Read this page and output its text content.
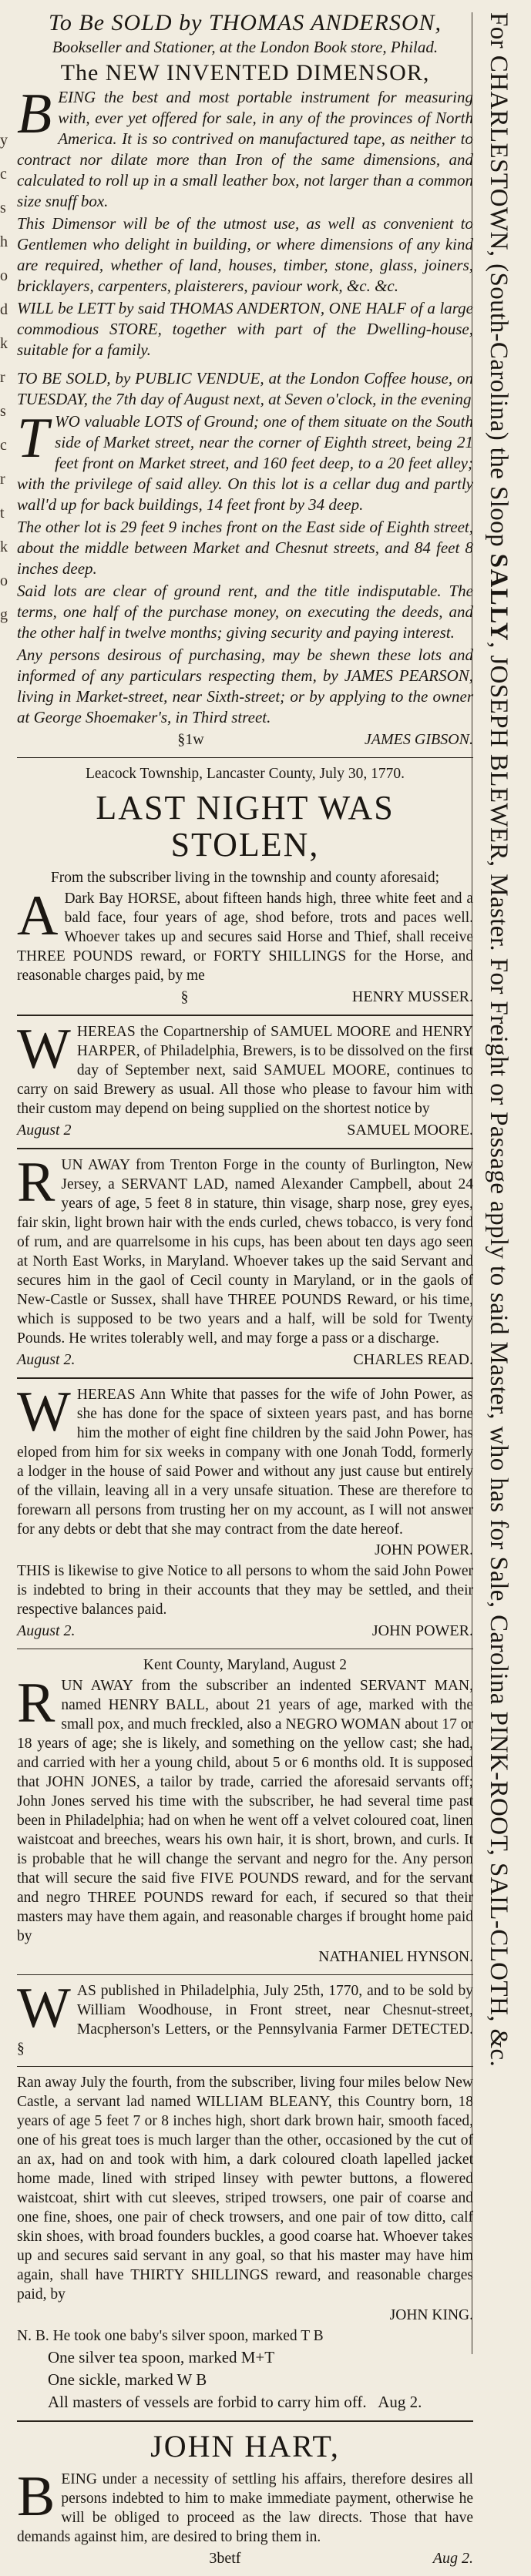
y
c
s
h
o
d
k
r
s
c
r
t
k
o
g

To Be SOLD by THOMAS ANDERSON,

Bookseller and Stationer, at the London Book store, Philad.

The NEW INVENTED DIMENSOR,

BEING the best and most portable instrument for measuring with, ever yet offered for sale, in any of the provinces of North America. It is so contrived on manufactured tape, as neither to contract nor dilate more than Iron of the same dimensions, and calculated to roll up in a small leather box, not larger than a common size snuff box.

This Dimensor will be of the utmost use, as well as convenient to Gentlemen who delight in building, or where dimensions of any kind are required, whether of land, houses, timber, stone, glass, joiners, bricklayers, carpenters, plaisterers, paviour work, &c. &c.

WILL be LETT by said THOMAS ANDERTON, ONE HALF of a large commodious STORE, together with part of the Dwelling-house, suitable for a family.

TO BE SOLD, by PUBLIC VENDUE, at the London Coffee house, on TUESDAY, the 7th day of August next, at Seven o'clock, in the evening

TWO valuable LOTS of Ground; one of them situate on the South side of Market street, near the corner of Eighth street, being 21 feet front on Market street, and 160 feet deep, to a 20 feet alley; with the privilege of said alley. On this lot is a cellar dug and partly wall'd up for back buildings, 14 feet front by 34 deep.

The other lot is 29 feet 9 inches front on the East side of Eighth street, about the middle between Market and Chesnut streets, and 84 feet 8 inches deep.

Said lots are clear of ground rent, and the title indisputable. The terms, one half of the purchase money, on executing the deeds, and the other half in twelve months; giving security and paying interest.

Any persons desirous of purchasing, may be shewn these lots and informed of any particulars respecting them, by JAMES PEARSON, living in Market-street, near Sixth-street; or by applying to the owner at George Shoemaker's, in Third street.

§1w	JAMES GIBSON.

Leacock Township, Lancaster County, July 30, 1770.

LAST NIGHT WAS STOLEN,

From the subscriber living in the township and county aforesaid;

A Dark Bay HORSE, about fifteen hands high, three white feet and a bald face, four years of age, shod before, trots and paces well. Whoever takes up and secures said Horse and Thief, shall receive THREE POUNDS reward, or FORTY SHILLINGS for the Horse, and reasonable charges paid, by me

§	HENRY MUSSER.

WHEREAS the Copartnership of SAMUEL MOORE and HENRY HARPER, of Philadelphia, Brewers, is to be dissolved on the first day of September next, said SAMUEL MOORE, continues to carry on said Brewery as usual. All those who please to favour him with their custom may depend on being supplied on the shortest notice by

August 2	SAMUEL MOORE.

RUN AWAY from Trenton Forge in the county of Burlington, New Jersey, a SERVANT LAD, named Alexander Campbell, about 24 years of age, 5 feet 8 in stature, thin visage, sharp nose, grey eyes, fair skin, light brown hair with the ends curled, chews tobacco, is very fond of rum, and are quarrelsome in his cups, has been about ten days ago seen at North East Works, in Maryland. Whoever takes up the said Servant and secures him in the gaol of Cecil county in Maryland, or in the gaols of New-Castle or Sussex, shall have THREE POUNDS Reward, or his time, which is supposed to be two years and a half, will be sold for Twenty Pounds. He writes tolerably well, and may forge a pass or a discharge.

August 2.	CHARLES READ.

WHEREAS Ann White that passes for the wife of John Power, as she has done for the space of sixteen years past, and has borne him the mother of eight fine children by the said John Power, has eloped from him for six weeks in company with one Jonah Todd, formerly a lodger in the house of said Power and without any just cause but entirely of the villain, leaving all in a very unsafe situation. These are therefore to forewarn all persons from trusting her on my account, as I will not answer for any debts or debt that she may contract from the date hereof.

JOHN POWER.

THIS is likewise to give Notice to all persons to whom the said John Power is indebted to bring in their accounts that they may be settled, and their respective balances paid.

August 2.	JOHN POWER.

Kent County, Maryland, August 2

RUN AWAY from the subscriber an indented SERVANT MAN, named HENRY BALL, about 21 years of age, marked with the small pox, and much freckled, also a NEGRO WOMAN about 17 or 18 years of age; she is likely, and something on the yellow cast; she had, and carried with her a young child, about 5 or 6 months old. It is supposed that JOHN JONES, a tailor by trade, carried the aforesaid servants off; John Jones served his time with the subscriber, he had several time past been in Philadelphia; had on when he went off a velvet coloured coat, linen waistcoat and breeches, wears his own hair, it is short, brown, and curls. It is probable that he will change the servant and negro for the. Any person that will secure the said five FIVE POUNDS reward, and for the servant and negro THREE POUNDS reward for each, if secured so that their masters may have them again, and reasonable charges if brought home paid by

NATHANIEL HYNSON.

WAS published in Philadelphia, July 25th, 1770, and to be sold by William Woodhouse, in Front street, near Chesnut-street, Macpherson's Letters, or the Pennsylvania Farmer DETECTED. §

Ran away July the fourth, from the subscriber, living four miles below New Castle, a servant lad named WILLIAM BLEANY, this Country born, 18 years of age 5 feet 7 or 8 inches high, short dark brown hair, smooth faced, one of his great toes is much larger than the other, occasioned by the cut of an ax, had on and took with him, a dark coloured cloath lapelled jacket home made, lined with striped linsey with pewter buttons, a flowered waistcoat, shirt with cut sleeves, striped trowsers, one pair of coarse and one fine, shoes, one pair of check trowsers, and one pair of tow ditto, calf skin shoes, with broad founders buckles, a good coarse hat. Whoever takes up and secures said servant in any goal, so that his master may have him again, shall have THIRTY SHILLINGS reward, and reasonable charges paid, by

JOHN KING.

N. B. He took one baby's silver spoon, marked T B

One silver tea spoon, marked M+T

One sickle, marked W B

All masters of vessels are forbid to carry him off. Aug 2.

JOHN HART,

BEING under a necessity of settling his affairs, therefore desires all persons indebted to him to make immediate payment, otherwise he will be obliged to proceed as the law directs. Those that have demands against him, are desired to bring them in.

3betf	Aug 2.
For CHARLESTOWN, (South-Carolina) the Sloop SALLY, JOSEPH BLEWER, Master. For Freight or Passage apply to said Master, who has for Sale, Carolina PINK-ROOT, SAIL-CLOTH, &c.
